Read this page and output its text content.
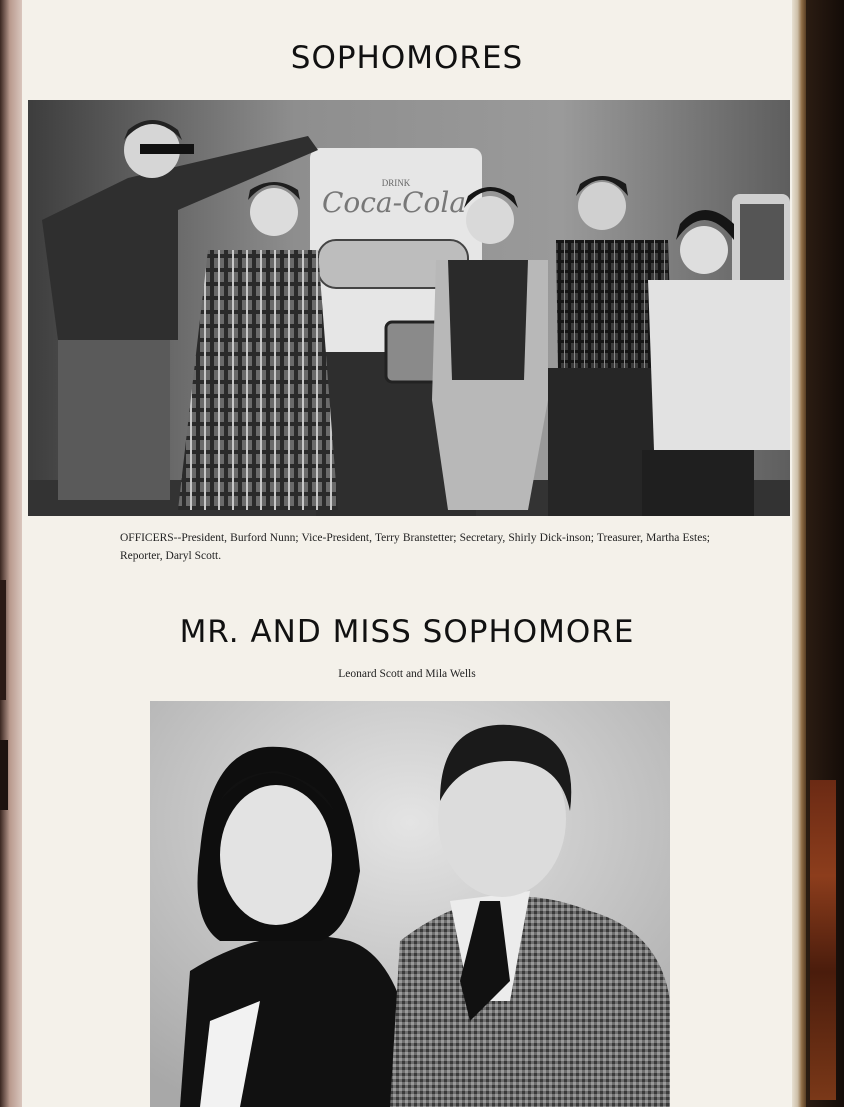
SOPHOMORES
DRINK
Coca-Cola
OFFICERS--President, Burford Nunn; Vice-President, Terry Branstetter; Secretary, Shirly Dick-inson; Treasurer, Martha Estes; Reporter, Daryl Scott.
MR. AND MISS SOPHOMORE
Leonard Scott and Mila Wells
